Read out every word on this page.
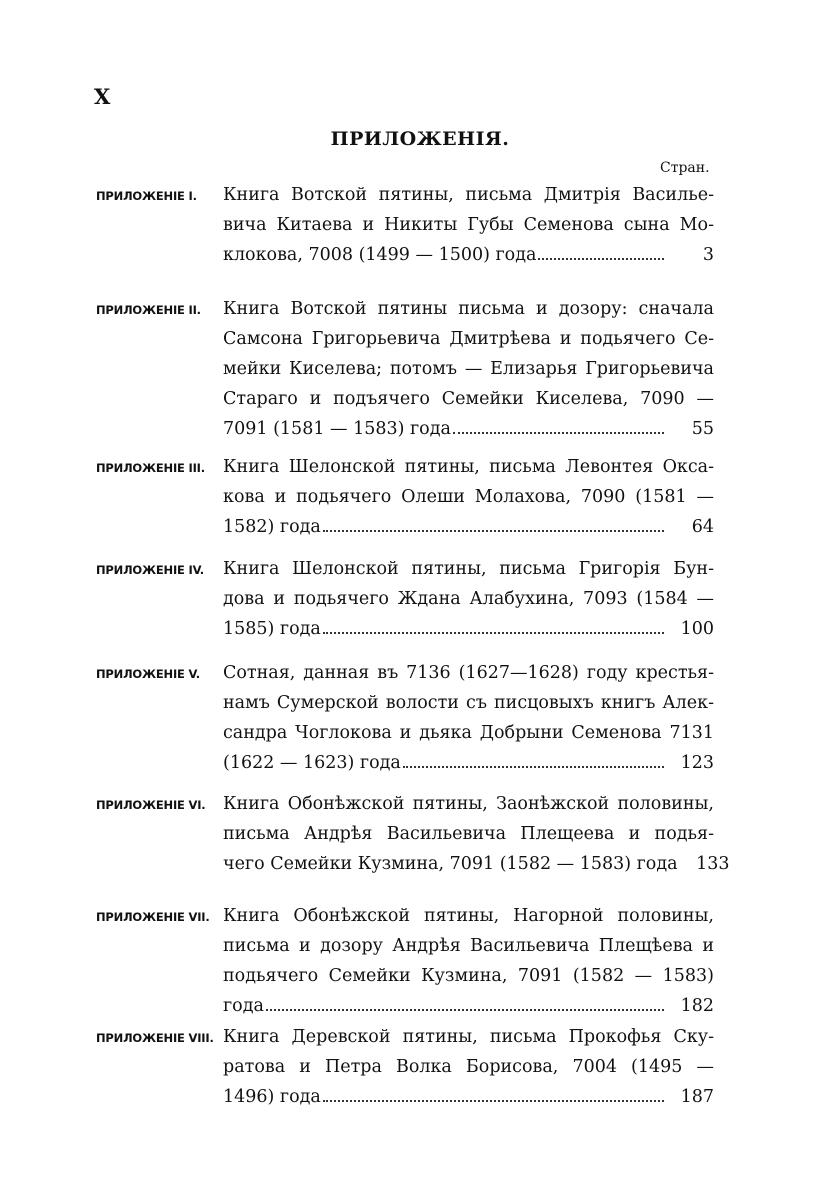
X
ПРИЛОЖЕНІЯ.
Стран.
ПРИЛОЖЕНІЕ I.	Книга Вотской пятины, письма Дмитрія Василье-
вича Китаева и Никиты Губы Семенова сына Мо-
клокова, 7008 (1499 — 1500) года	3
ПРИЛОЖЕНІЕ II.	Книга Вотской пятины письма и дозору: сначала
Самсона Григорьевича Дмитрѣева и подьячего Се-
мейки Киселева; потомъ — Елизарья Григорьевича
Стараго и подъячего Семейки Киселева, 7090 —
7091 (1581 — 1583) года	55
ПРИЛОЖЕНІЕ III.	Книга Шелонской пятины, письма Левонтея Оксa-
кова и подьячего Олеши Молахова, 7090 (1581 —
1582) года	64
ПРИЛОЖЕНІЕ IV.	Книга Шелонской пятины, письма Григорія Бун-
дова и подьячего Ждана Алабухина, 7093 (1584 —
1585) года	100
ПРИЛОЖЕНІЕ V.	Сотная, данная въ 7136 (1627—1628) году крестья-
намъ Сумерской волости съ писцовыхъ книгъ Алек-
сандра Чоглокова и дьяка Добрыни Семенова 7131
(1622 — 1623) года	123
ПРИЛОЖЕНІЕ VI.	Книга Обонѣжской пятины, Заонѣжской половины,
письма Андрѣя Васильевича Плещеева и подья-
чего Семейки Кузмина, 7091 (1582 — 1583) года	133
ПРИЛОЖЕНІЕ VII. Книга Обонѣжской пятины, Нагорной половины,
письма и дозору Андрѣя Васильевича Плещѣева и
подьячего Семейки Кузмина, 7091 (1582 — 1583)
года	182
ПРИЛОЖЕНІЕ VIII. Книга Деревской пятины, письма Прокофья Ску-
ратова и Петра Волка Борисова, 7004 (1495 —
1496) года	187
